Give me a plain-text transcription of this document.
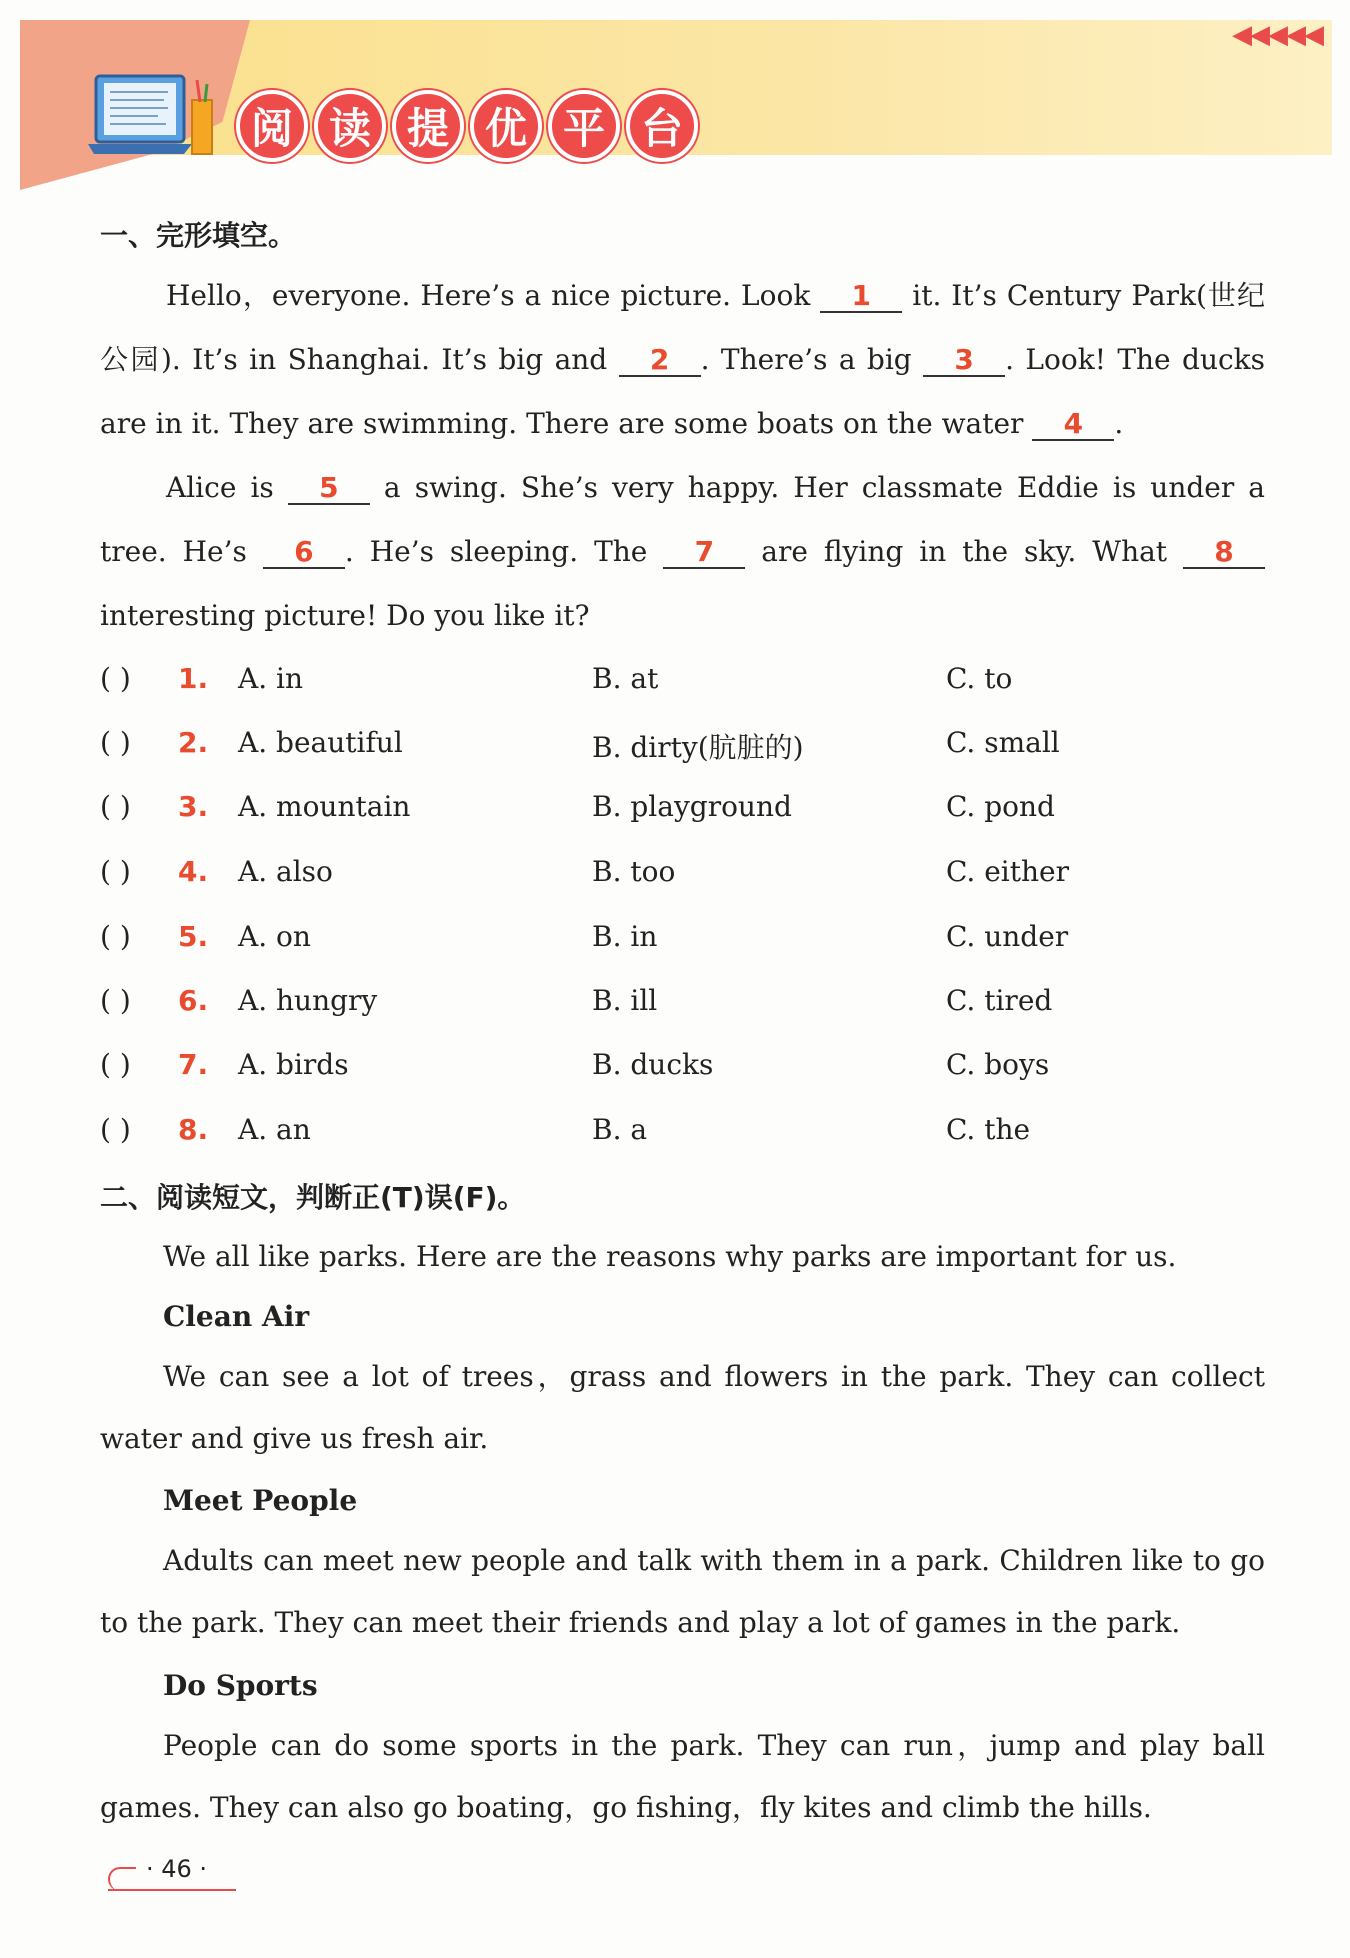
◀◀◀◀◀
阅 读 提 优 平 台
一、完形填空。

Hello，everyone. Here’s a nice picture. Look 1 it. It’s Century Park(世纪公园). It’s in Shanghai. It’s big and 2 . There’s a big 3 . Look! The ducks are in it. They are swimming. There are some boats on the water 4 .

Alice is 5 a swing. She’s very happy. Her classmate Eddie is under a tree. He’s 6 . He’s sleeping. The 7 are flying in the sky. What 8 interesting picture! Do you like it?

( ) 1. A. in	B. at	C. to
( ) 2. A. beautiful	B. dirty(肮脏的)	C. small
( ) 3. A. mountain	B. playground	C. pond
( ) 4. A. also	B. too	C. either
( ) 5. A. on	B. in	C. under
( ) 6. A. hungry	B. ill	C. tired
( ) 7. A. birds	B. ducks	C. boys
( ) 8. A. an	B. a	C. the
二、阅读短文，判断正(T)误(F)。

We all like parks. Here are the reasons why parks are important for us.

Clean Air

We can see a lot of trees，grass and flowers in the park. They can collect water and give us fresh air.

Meet People

Adults can meet new people and talk with them in a park. Children like to go to the park. They can meet their friends and play a lot of games in the park.

Do Sports

People can do some sports in the park. They can run，jump and play ball games. They can also go boating，go fishing，fly kites and climb the hills.

· 46 ·
